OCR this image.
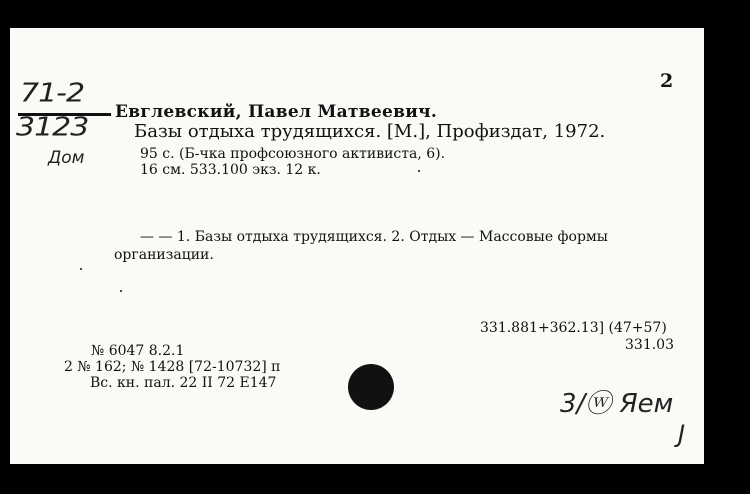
2
71-2
3123
Дом
Евглевский, Павел Матвеевич.
Базы отдыха трудящихся. [М.], Профиздат, 1972.
95 с. (Б-чка профсоюзного активиста, 6).
16 см. 533.100 экз. 12 к.
— — 1. Базы отдыха трудящихся. 2. Отдых — Массовые формы
организации.
331.881+362.13] (47+57)
331.03
№ 6047 8.2.1
2 № 162; № 1428 [72-10732] п
Вс. кн. пал. 22 II 72 Е147
3/ⓦ Яем
J
